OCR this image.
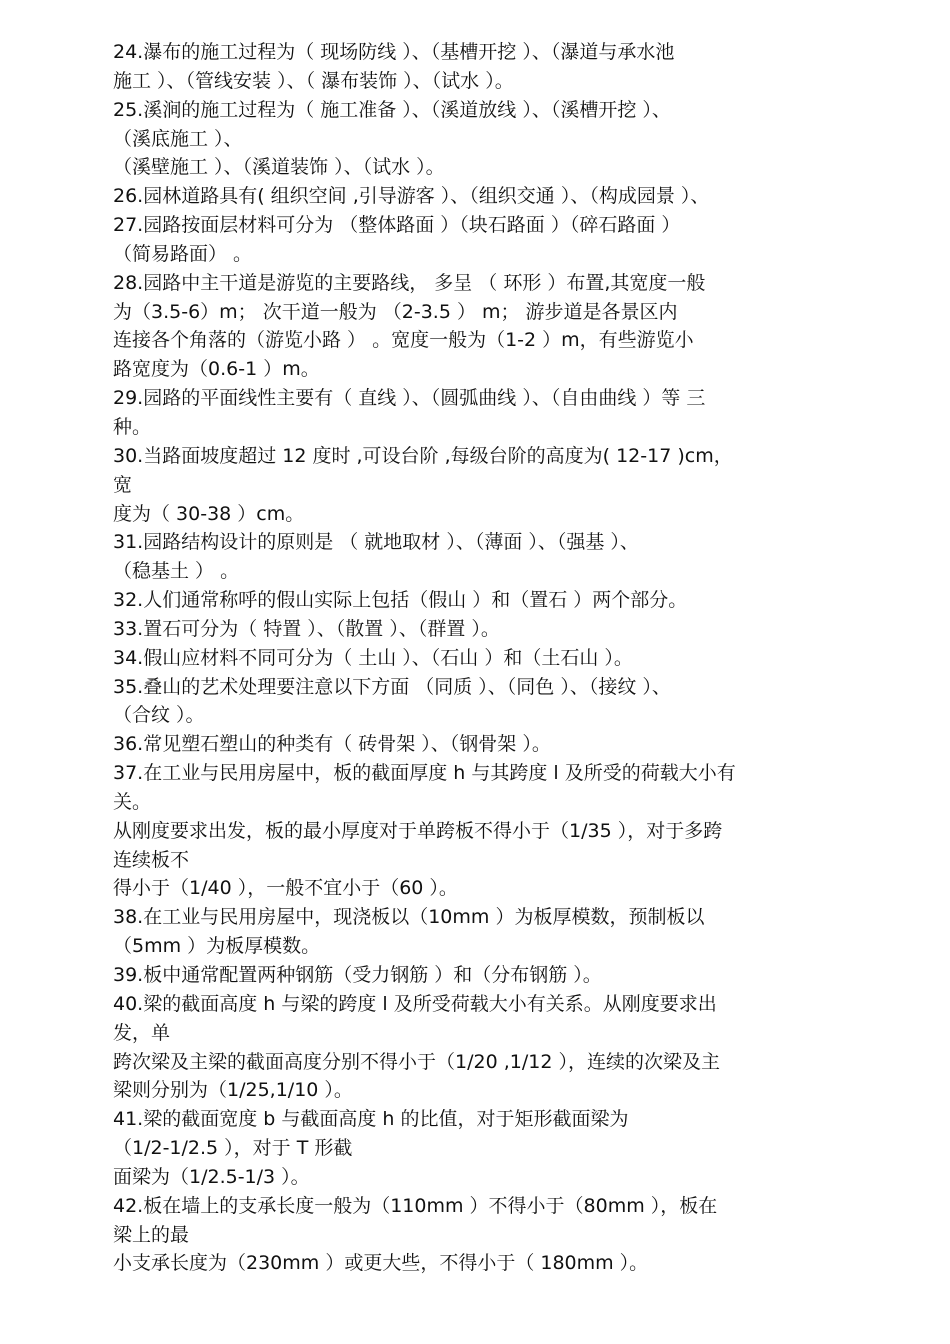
24.瀑布的施工过程为（ 现场防线 ）、（基槽开挖 ）、（瀑道与承水池
施工 ）、（管线安装 ）、（ 瀑布装饰 ）、（试水 ）。
25.溪涧的施工过程为（ 施工准备 ）、（溪道放线 ）、（溪槽开挖 ）、
（溪底施工 ）、
（溪壁施工 ）、（溪道装饰 ）、（试水 ）。
26.园林道路具有( 组织空间 ,引导游客 ）、（组织交通 ）、（构成园景 ）、
27.园路按面层材料可分为 （整体路面 ）（块石路面 ）（碎石路面 ）
（简易路面） 。
28.园路中主干道是游览的主要路线， 多呈 （ 环形 ）布置,其宽度一般
为（3.5-6）m； 次干道一般为 （2-3.5 ） m； 游步道是各景区内
连接各个角落的（游览小路 ） 。宽度一般为（1-2 ）m，有些游览小
路宽度为（0.6-1 ）m。
29.园路的平面线性主要有（ 直线 ）、（圆弧曲线 ）、（自由曲线 ）等 三
种。
30.当路面坡度超过 12 度时 ,可设台阶 ,每级台阶的高度为( 12-17 )cm，
宽
度为（ 30-38 ）cm。
31.园路结构设计的原则是 （ 就地取材 ）、（薄面 ）、（强基 ）、
（稳基土 ） 。
32.人们通常称呼的假山实际上包括（假山 ）和（置石 ）两个部分。
33.置石可分为（ 特置 ）、（散置 ）、（群置 ）。
34.假山应材料不同可分为（ 土山 ）、（石山 ）和（土石山 ）。
35.叠山的艺术处理要注意以下方面 （同质 ）、（同色 ）、（接纹 ）、
（合纹 ）。
36.常见塑石塑山的种类有（ 砖骨架 ）、（钢骨架 ）。
37.在工业与民用房屋中，板的截面厚度 h 与其跨度 l 及所受的荷载大小有
关。
从刚度要求出发，板的最小厚度对于单跨板不得小于（1/35 ），对于多跨
连续板不
得小于（1/40 ），一般不宜小于（60 ）。
38.在工业与民用房屋中，现浇板以（10mm ）为板厚模数，预制板以
（5mm ）为板厚模数。
39.板中通常配置两种钢筋（受力钢筋 ）和（分布钢筋 ）。
40.梁的截面高度 h 与梁的跨度 l 及所受荷载大小有关系。从刚度要求出
发，单
跨次梁及主梁的截面高度分别不得小于（1/20 ,1/12 ），连续的次梁及主
梁则分别为（1/25,1/10 ）。
41.梁的截面宽度 b 与截面高度 h 的比值，对于矩形截面梁为
（1/2-1/2.5 ），对于 T 形截
面梁为（1/2.5-1/3 ）。
42.板在墙上的支承长度一般为（110mm ）不得小于（80mm ），板在
梁上的最
小支承长度为（230mm ）或更大些，不得小于（ 180mm ）。
